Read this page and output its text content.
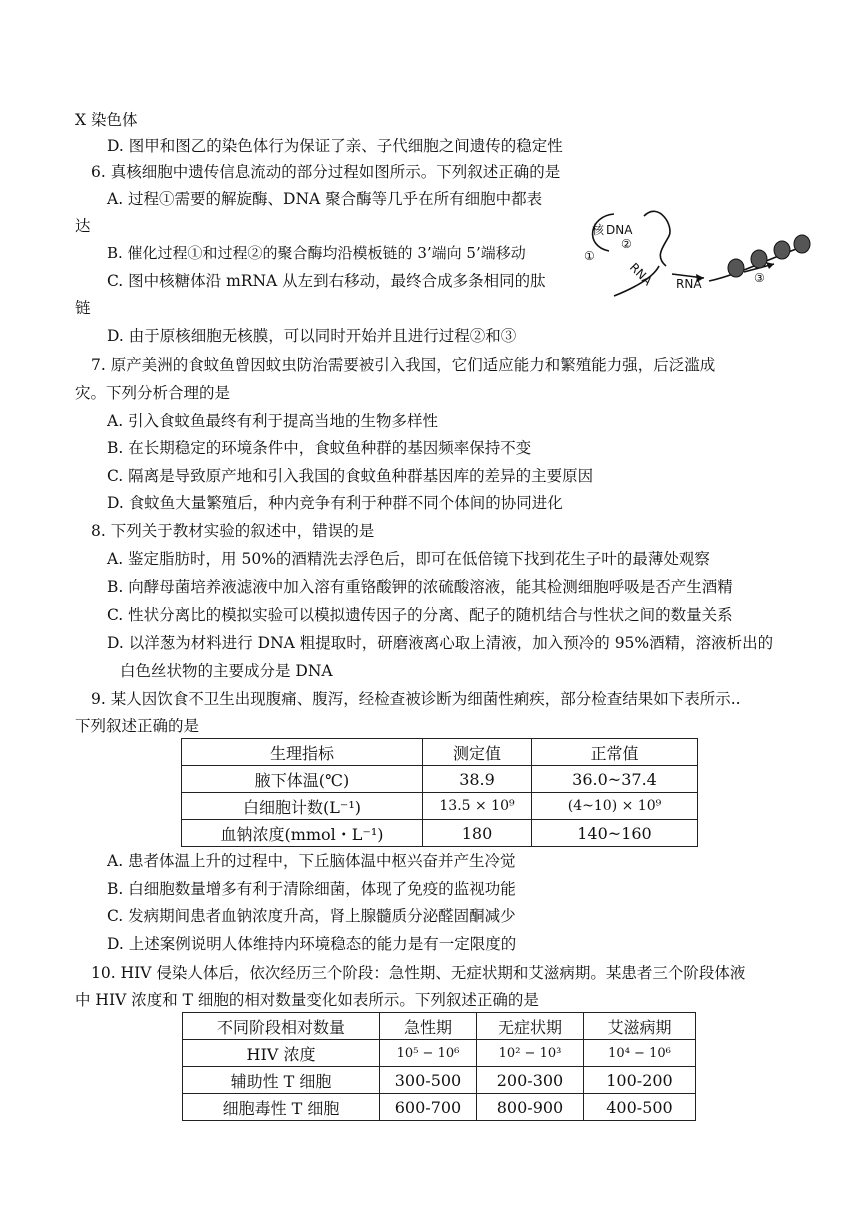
X 染色体
D. 图甲和图乙的染色体行为保证了亲、子代细胞之间遗传的稳定性
6. 真核细胞中遗传信息流动的部分过程如图所示。下列叙述正确的是
A. 过程①需要的解旋酶、DNA 聚合酶等几乎在所有细胞中都表
达
B. 催化过程①和过程②的聚合酶均沿模板链的 3’端向 5’端移动
C. 图中核糖体沿 mRNA 从左到右移动，最终合成多条相同的肽
链
D. 由于原核细胞无核膜，可以同时开始并且进行过程②和③
核 DNA
②
①
RNA RNA	③
7. 原产美洲的食蚊鱼曾因蚊虫防治需要被引入我国，它们适应能力和繁殖能力强，后泛滥成
灾。下列分析合理的是
A. 引入食蚊鱼最终有利于提高当地的生物多样性
B. 在长期稳定的环境条件中，食蚊鱼种群的基因频率保持不变
C. 隔离是导致原产地和引入我国的食蚊鱼种群基因库的差异的主要原因
D. 食蚊鱼大量繁殖后，种内竞争有利于种群不同个体间的协同进化
8. 下列关于教材实验的叙述中，错误的是
A. 鉴定脂肪时，用 50%的酒精洗去浮色后，即可在低倍镜下找到花生子叶的最薄处观察
B. 向酵母菌培养液滤液中加入溶有重铬酸钾的浓硫酸溶液，能其检测细胞呼吸是否产生酒精
C. 性状分离比的模拟实验可以模拟遗传因子的分离、配子的随机结合与性状之间的数量关系
D. 以洋葱为材料进行 DNA 粗提取时，研磨液离心取上清液，加入预冷的 95%酒精，溶液析出的
白色丝状物的主要成分是 DNA
9. 某人因饮食不卫生出现腹痛、腹泻，经检查被诊断为细菌性痢疾，部分检查结果如下表所示..
下列叙述正确的是
生理指标	测定值	正常值
腋下体温(℃)	38.9	36.0~37.4
白细胞计数(L⁻¹)	13.5 × 10⁹	(4~10) × 10⁹
血钠浓度(mmol・L⁻¹)	180	140~160
A. 患者体温上升的过程中，下丘脑体温中枢兴奋并产生冷觉
B. 白细胞数量增多有利于清除细菌，体现了免疫的监视功能
C. 发病期间患者血钠浓度升高，肾上腺髓质分泌醛固酮减少
D. 上述案例说明人体维持内环境稳态的能力是有一定限度的
10. HIV 侵染人体后，依次经历三个阶段：急性期、无症状期和艾滋病期。某患者三个阶段体液
中 HIV 浓度和 T 细胞的相对数量变化如表所示。下列叙述正确的是
不同阶段相对数量	急性期	无症状期	艾滋病期
HIV 浓度	10⁵ − 10⁶	10² − 10³	10⁴ − 10⁶
辅助性 T 细胞	300-500	200-300	100-200
细胞毒性 T 细胞	600-700	800-900	400-500
